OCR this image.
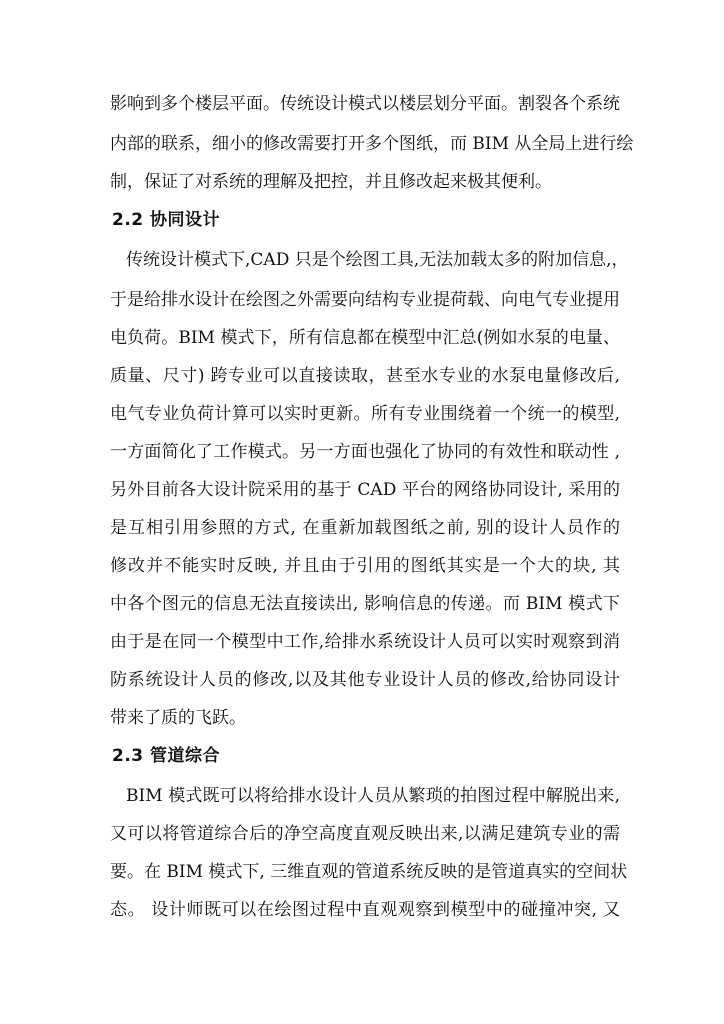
影响到多个楼层平面。传统设计模式以楼层划分平面。割裂各个系统
内部的联系，细小的修改需要打开多个图纸，而 BIM 从全局上进行绘
制，保证了对系统的理解及把控，并且修改起来极其便利。
2.2 协同设计
传统设计模式下,CAD 只是个绘图工具,无法加载太多的附加信息,，
于是给排水设计在绘图之外需要向结构专业提荷载、向电气专业提用
电负荷。BIM 模式下，所有信息都在模型中汇总(例如水泵的电量、
质量、尺寸) 跨专业可以直接读取，甚至水专业的水泵电量修改后,
电气专业负荷计算可以实时更新。所有专业围绕着一个统一的模型,
一方面简化了工作模式。另一方面也强化了协同的有效性和联动性 ,
另外目前各大设计院采用的基于 CAD 平台的网络协同设计, 采用的
是互相引用参照的方式, 在重新加载图纸之前, 别的设计人员作的
修改并不能实时反映, 并且由于引用的图纸其实是一个大的块, 其
中各个图元的信息无法直接读出, 影响信息的传递。而 BIM 模式下
由于是在同一个模型中工作,给排水系统设计人员可以实时观察到消
防系统设计人员的修改,以及其他专业设计人员的修改,给协同设计
带来了质的飞跃。
2.3 管道综合
BIM 模式既可以将给排水设计人员从繁琐的拍图过程中解脱出来,
又可以将管道综合后的净空高度直观反映出来,以满足建筑专业的需
要。在 BIM 模式下, 三维直观的管道系统反映的是管道真实的空间状
态。 设计师既可以在绘图过程中直观观察到模型中的碰撞冲突, 又
